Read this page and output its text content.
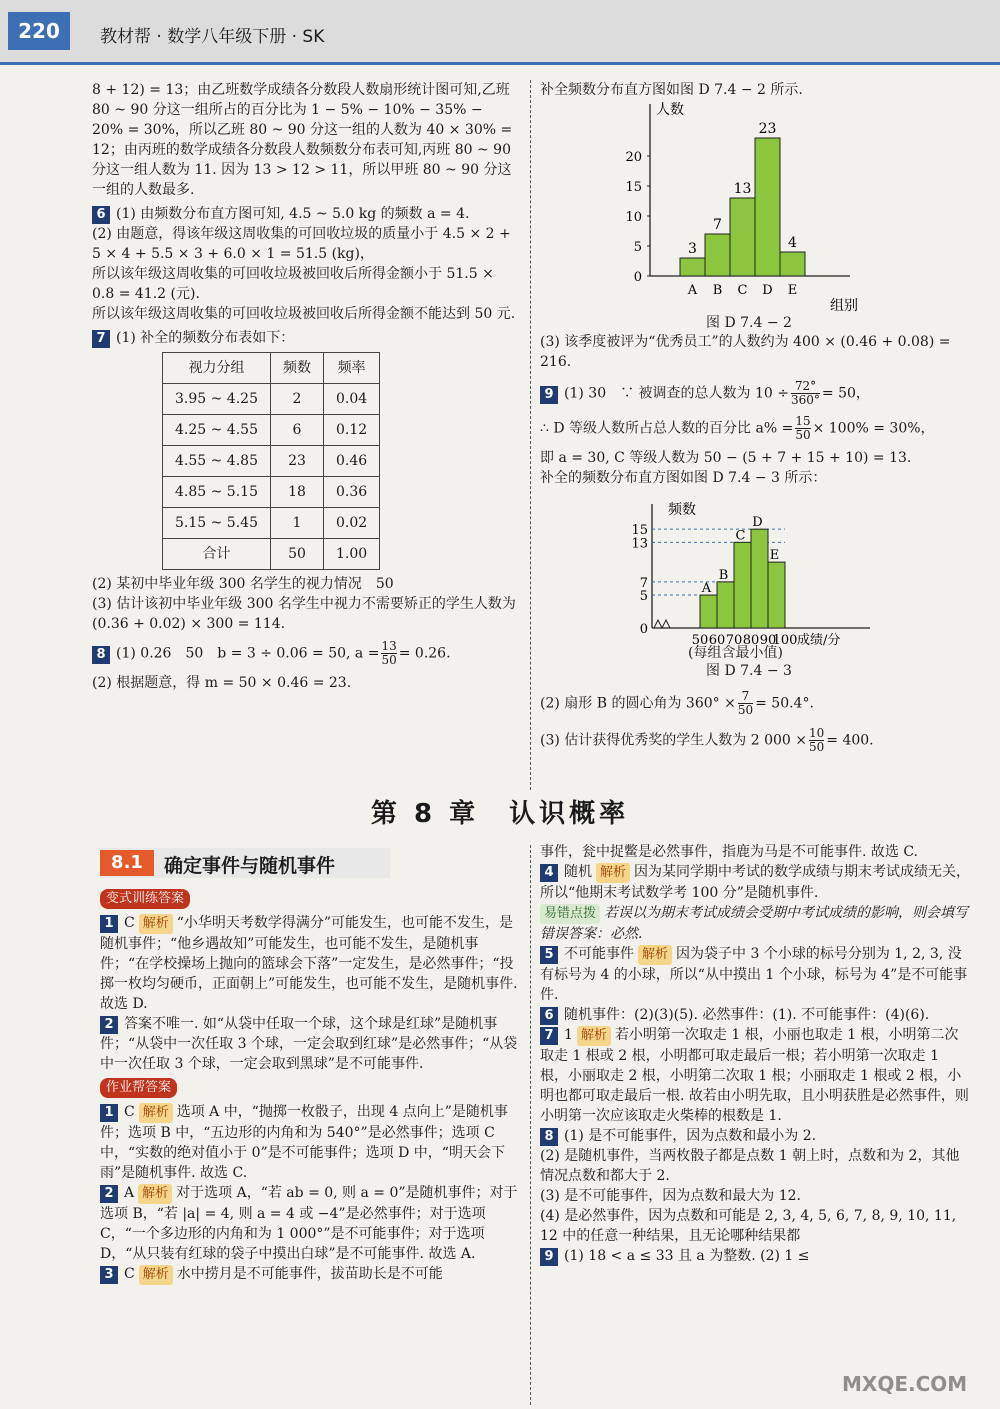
220	教材帮 · 数学八年级下册 · SK

8 + 12) = 13；由乙班数学成绩各分数段人数扇形统计图可知,乙班 80 ~ 90 分这一组所占的百分比为 1 − 5% − 10% − 35% − 20% = 30%，所以乙班 80 ~ 90 分这一组的人数为 40 × 30% = 12；由丙班的数学成绩各分数段人数频数分布表可知,丙班 80 ~ 90 分这一组人数为 11. 因为 13 > 12 > 11，所以甲班 80 ~ 90 分这一组的人数最多.

6 (1) 由频数分布直方图可知, 4.5 ~ 5.0 kg 的频数 a = 4.

(2) 由题意，得该年级这周收集的可回收垃圾的质量小于 4.5 × 2 + 5 × 4 + 5.5 × 3 + 6.0 × 1 = 51.5 (kg)，

所以该年级这周收集的可回收垃圾被回收后所得金额小于 51.5 × 0.8 = 41.2 (元).

所以该年级这周收集的可回收垃圾被回收后所得金额不能达到 50 元.

7 (1) 补全的频数分布表如下：

视力分组	频数	频率
3.95 ~ 4.25	2	0.04
4.25 ~ 4.55	6	0.12
4.55 ~ 4.85	23	0.46
4.85 ~ 5.15	18	0.36
5.15 ~ 5.45	1	0.02
合计	50	1.00

(2) 某初中毕业年级 300 名学生的视力情况　50

(3) 估计该初中毕业年级 300 名学生中视力不需要矫正的学生人数为 (0.36 + 0.02) × 300 = 114.

8 (1) 0.26　50　b = 3 ÷ 0.06 = 50, $a = \frac{13}{50} = 0.26$.

(2) 根据题意，得 m = 50 × 0.46 = 23.

补全频数分布直方图如图 D 7.4 − 2 所示.

人数
组别
0
5
10
15
20
3
A
7
B
13
C
23
D
4
E
图 D 7.4 − 2

(3) 该季度被评为“优秀员工”的人数约为 400 × (0.46 + 0.08) = 216.

9 (1) 30　∵ 被调查的总人数为 $10 \div \frac{72^\circ}{360^\circ} = 50$，

∴ D 等级人数所占总人数的百分比 $a\% = \frac{15}{50} \times 100\% = 30\%$，

即 a = 30, C 等级人数为 50 − (5 + 7 + 15 + 10) = 13.

补全的频数分布直方图如图 D 7.4 − 3 所示：

频数
0
5
7
13
15
A
B
C
D
E
50 60 70 80 90
100 成绩/分
(每组含最小值)
图 D 7.4 − 3

(2) 扇形 B 的圆心角为 $360^\circ \times \frac{7}{50} = 50.4^\circ$.

(3) 估计获得优秀奖的学生人数为 2 $000 \times \frac{10}{50} = 400$.

第 8 章　认识概率
8.1	确定事件与随机事件
变式训练答案

1 C 解析 “小华明天考数学得满分”可能发生，也可能不发生，是随机事件；“他乡遇故知”可能发生，也可能不发生，是随机事件；“在学校操场上抛向的篮球会下落”一定发生，是必然事件；“投掷一枚均匀硬币，正面朝上”可能发生，也可能不发生，是随机事件. 故选 D.

2 答案不唯一. 如“从袋中任取一个球，这个球是红球”是随机事件；“从袋中一次任取 3 个球，一定会取到红球”是必然事件；“从袋中一次任取 3 个球，一定会取到黑球”是不可能事件.

作业帮答案

1 C 解析 选项 A 中，“抛掷一枚骰子，出现 4 点向上”是随机事件；选项 B 中，“五边形的内角和为 540°”是必然事件；选项 C 中，“实数的绝对值小于 0”是不可能事件；选项 D 中，“明天会下雨”是随机事件. 故选 C.

2 A 解析 对于选项 A，“若 ab = 0, 则 a = 0”是随机事件；对于选项 B，“若 |a| = 4, 则 a = 4 或 −4”是必然事件；对于选项 C，“一个多边形的内角和为 1 000°”是不可能事件；对于选项 D，“从只装有红球的袋子中摸出白球”是不可能事件. 故选 A.

3 C 解析 水中捞月是不可能事件，拔苗助长是不可能

事件，瓮中捉鳖是必然事件，指鹿为马是不可能事件. 故选 C.

4 随机 解析 因为某同学期中考试的数学成绩与期末考试成绩无关，所以“他期末考试数学考 100 分”是随机事件.

易错点拨 若误以为期末考试成绩会受期中考试成绩的影响，则会填写错误答案：必然.

5 不可能事件 解析 因为袋子中 3 个小球的标号分别为 1, 2, 3, 没有标号为 4 的小球，所以“从中摸出 1 个小球，标号为 4”是不可能事件.

6 随机事件：(2)(3)(5). 必然事件：(1). 不可能事件：(4)(6).

7 1 解析 若小明第一次取走 1 根，小丽也取走 1 根，小明第二次取走 1 根或 2 根，小明都可取走最后一根；若小明第一次取走 1 根，小丽取走 2 根，小明第二次取 1 根；小丽取走 1 根或 2 根，小明也都可取走最后一根. 故若由小明先取，且小明获胜是必然事件，则小明第一次应该取走火柴棒的根数是 1.

8 (1) 是不可能事件，因为点数和最小为 2.

(2) 是随机事件，当两枚骰子都是点数 1 朝上时，点数和为 2，其他情况点数和都大于 2.

(3) 是不可能事件，因为点数和最大为 12.

(4) 是必然事件，因为点数和可能是 2, 3, 4, 5, 6, 7, 8, 9, 10, 11, 12 中的任意一种结果，且无论哪种结果都

9 (1) 18 < a ≤ 33 且 a 为整数. (2) 1 ≤

MXQE.COM
